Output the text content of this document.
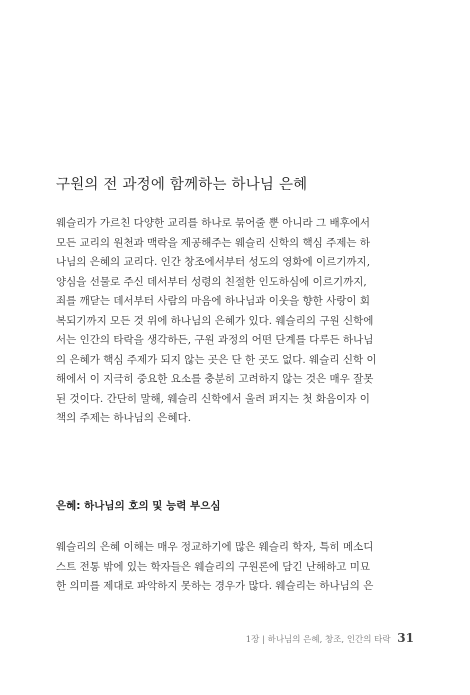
구원의 전 과정에 함께하는 하나님 은혜
웨슬리가 가르친 다양한 교리를 하나로 묶어줄 뿐 아니라 그 배후에서
모든 교리의 원천과 맥락을 제공해주는 웨슬리 신학의 핵심 주제는 하
나님의 은혜의 교리다. 인간 창조에서부터 성도의 영화에 이르기까지,
양심을 선물로 주신 데서부터 성령의 친절한 인도하심에 이르기까지,
죄를 깨닫는 데서부터 사람의 마음에 하나님과 이웃을 향한 사랑이 회
복되기까지 모든 것 위에 하나님의 은혜가 있다. 웨슬리의 구원 신학에
서는 인간의 타락을 생각하든, 구원 과정의 어떤 단계를 다루든 하나님
의 은혜가 핵심 주제가 되지 않는 곳은 단 한 곳도 없다. 웨슬리 신학 이
해에서 이 지극히 중요한 요소를 충분히 고려하지 않는 것은 매우 잘못
된 것이다. 간단히 말해, 웨슬리 신학에서 울려 퍼지는 첫 화음이자 이
책의 주제는 하나님의 은혜다.
은혜: 하나님의 호의 및 능력 부으심
웨슬리의 은혜 이해는 매우 정교하기에 많은 웨슬리 학자, 특히 메소디
스트 전통 밖에 있는 학자들은 웨슬리의 구원론에 담긴 난해하고 미묘
한 의미를 제대로 파악하지 못하는 경우가 많다. 웨슬리는 하나님의 은
1장 | 하나님의 은혜, 창조, 인간의 타락 31
